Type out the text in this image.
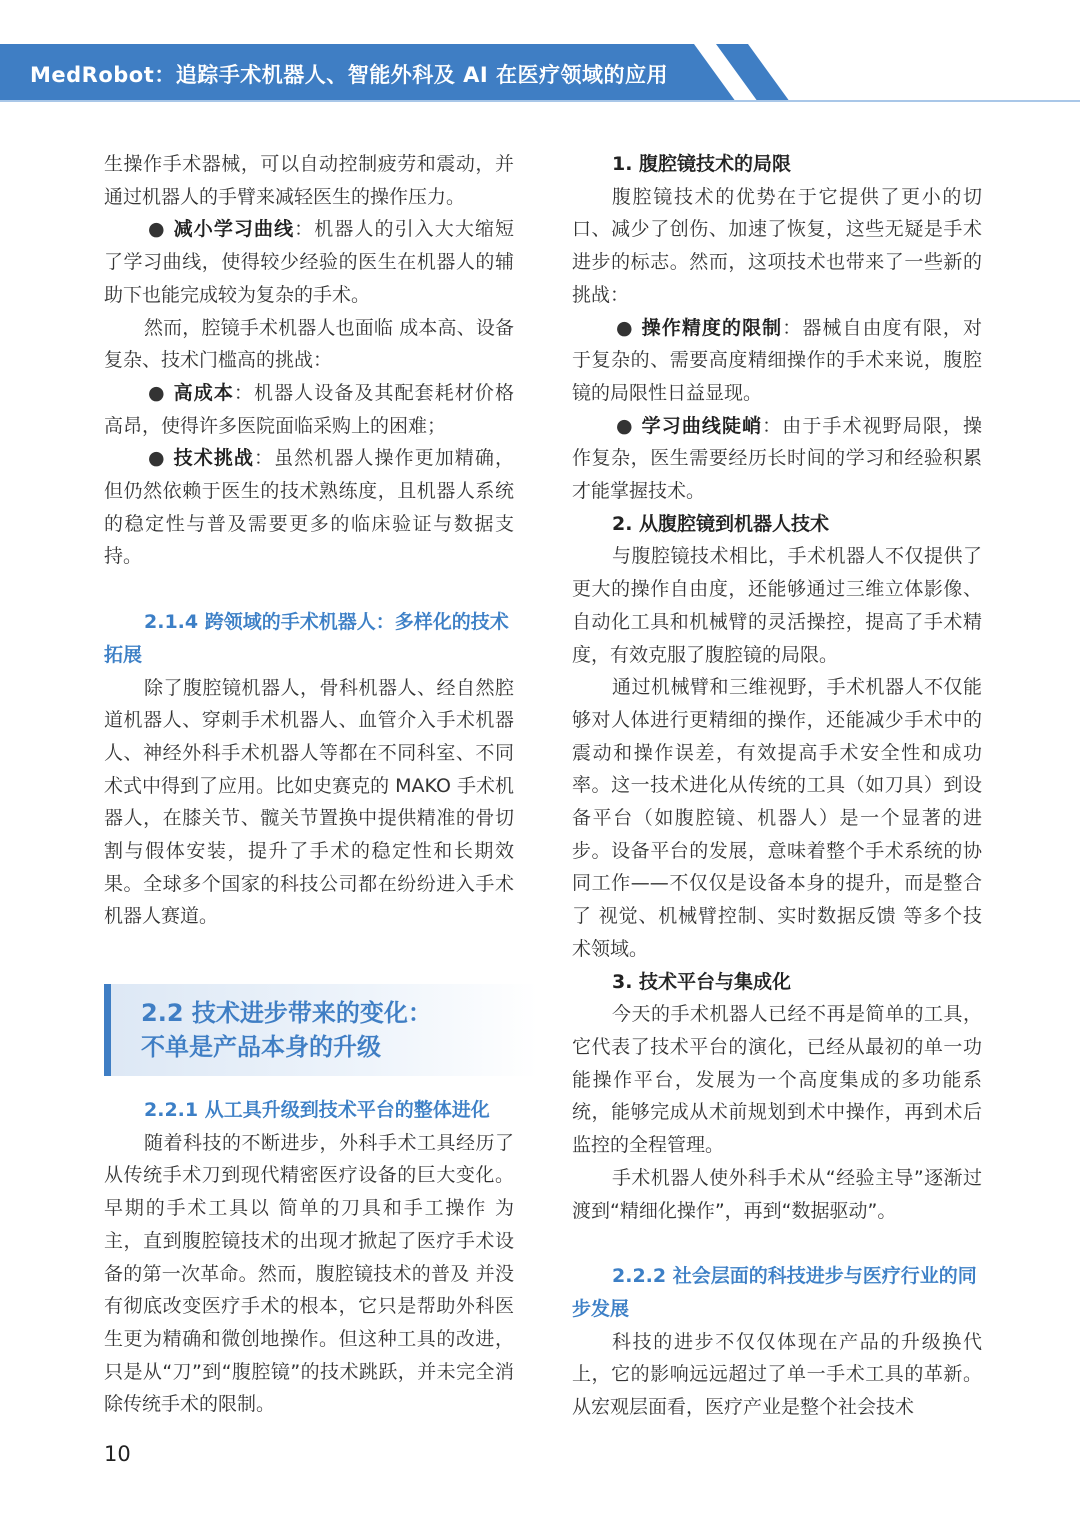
MedRobot：追踪手术机器人、智能外科及 AI 在医疗领域的应用

生操作手术器械，可以自动控制疲劳和震动，并通过机器人的手臂来减轻医生的操作压力。

● 减小学习曲线：机器人的引入大大缩短了学习曲线，使得较少经验的医生在机器人的辅助下也能完成较为复杂的手术。

然而，腔镜手术机器人也面临 成本高、设备复杂、技术门槛高的挑战：

● 高成本：机器人设备及其配套耗材价格高昂，使得许多医院面临采购上的困难；

● 技术挑战：虽然机器人操作更加精确，但仍然依赖于医生的技术熟练度，且机器人系统的稳定性与普及需要更多的临床验证与数据支持。

2.1.4 跨领域的手术机器人：多样化的技术拓展

除了腹腔镜机器人，骨科机器人、经自然腔道机器人、穿刺手术机器人、血管介入手术机器人、神经外科手术机器人等都在不同科室、不同术式中得到了应用。比如史赛克的 MAKO 手术机器人，在膝关节、髋关节置换中提供精准的骨切割与假体安装，提升了手术的稳定性和长期效果。全球多个国家的科技公司都在纷纷进入手术机器人赛道。

2.2 技术进步带来的变化：
不单是产品本身的升级

2.2.1 从工具升级到技术平台的整体进化

随着科技的不断进步，外科手术工具经历了从传统手术刀到现代精密医疗设备的巨大变化。早期的手术工具以 简单的刀具和手工操作 为主，直到腹腔镜技术的出现才掀起了医疗手术设备的第一次革命。然而，腹腔镜技术的普及 并没有彻底改变医疗手术的根本，它只是帮助外科医生更为精确和微创地操作。但这种工具的改进，只是从“刀”到“腹腔镜”的技术跳跃，并未完全消除传统手术的限制。

1. 腹腔镜技术的局限

腹腔镜技术的优势在于它提供了更小的切口、减少了创伤、加速了恢复，这些无疑是手术进步的标志。然而，这项技术也带来了一些新的挑战：

● 操作精度的限制：器械自由度有限，对于复杂的、需要高度精细操作的手术来说，腹腔镜的局限性日益显现。

● 学习曲线陡峭：由于手术视野局限，操作复杂，医生需要经历长时间的学习和经验积累才能掌握技术。

2. 从腹腔镜到机器人技术

与腹腔镜技术相比，手术机器人不仅提供了更大的操作自由度，还能够通过三维立体影像、自动化工具和机械臂的灵活操控，提高了手术精度，有效克服了腹腔镜的局限。

通过机械臂和三维视野，手术机器人不仅能够对人体进行更精细的操作，还能减少手术中的 震动和操作误差，有效提高手术安全性和成功率。这一技术进化从传统的工具（如刀具）到设备平台（如腹腔镜、机器人）是一个显著的进步。设备平台的发展，意味着整个手术系统的协同工作——不仅仅是设备本身的提升，而是整合了 视觉、机械臂控制、实时数据反馈 等多个技术领域。

3. 技术平台与集成化

今天的手术机器人已经不再是简单的工具，它代表了技术平台的演化，已经从最初的单一功能操作平台，发展为一个高度集成的多功能系统，能够完成从术前规划到术中操作，再到术后监控的全程管理。

手术机器人使外科手术从“经验主导”逐渐过渡到“精细化操作”，再到“数据驱动”。

2.2.2 社会层面的科技进步与医疗行业的同步发展

科技的进步不仅仅体现在产品的升级换代上，它的影响远远超过了单一手术工具的革新。从宏观层面看，医疗产业是整个社会技术

10
